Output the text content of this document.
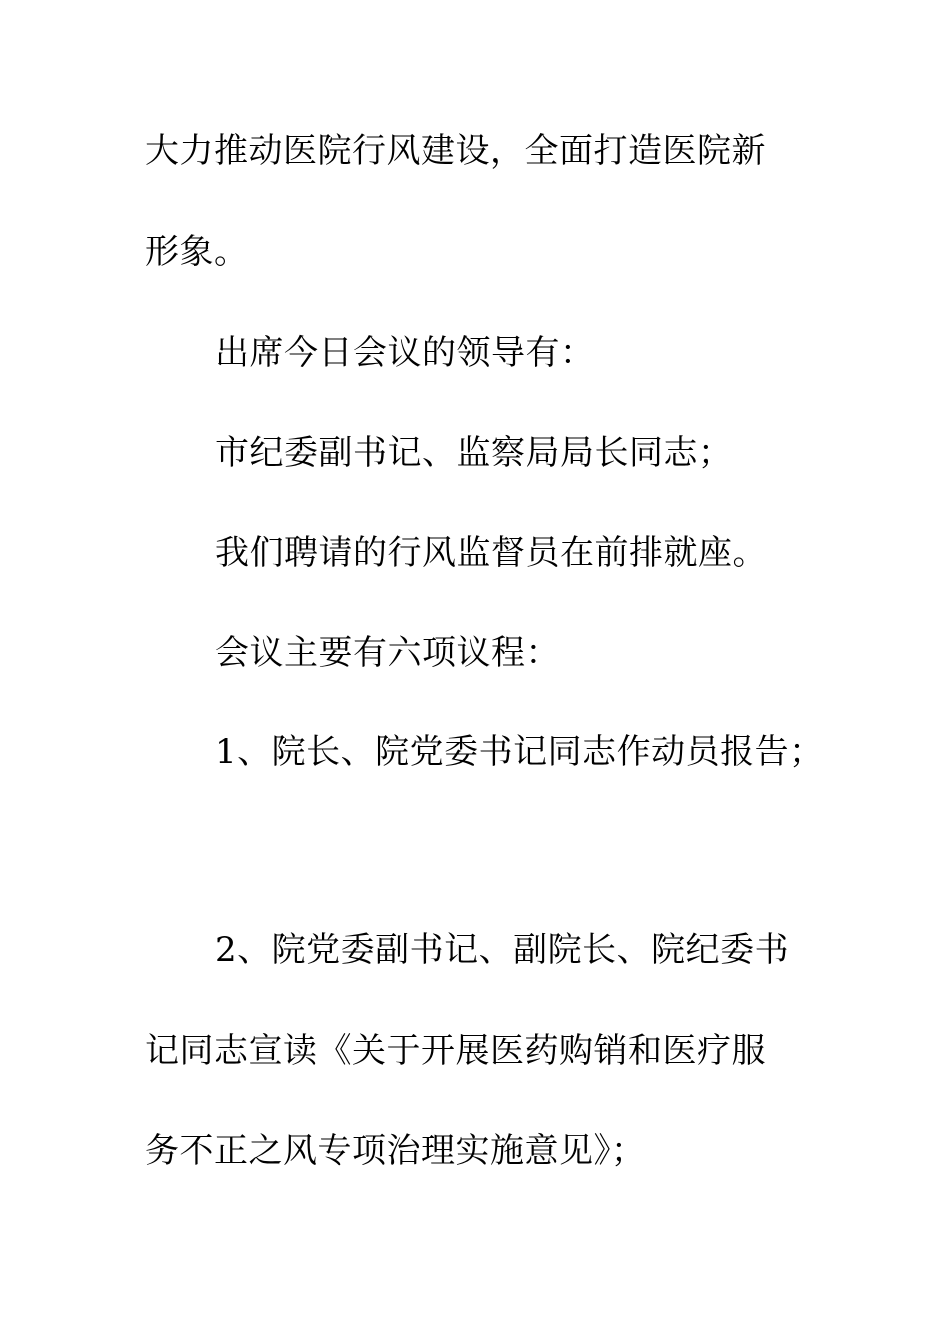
大力推动医院行风建设，全面打造医院新
形象。
出席今日会议的领导有：
市纪委副书记、监察局局长同志；
我们聘请的行风监督员在前排就座。
会议主要有六项议程：
1、院长、院党委书记同志作动员报告；
2、院党委副书记、副院长、院纪委书
记同志宣读《关于开展医药购销和医疗服
务不正之风专项治理实施意见》；
